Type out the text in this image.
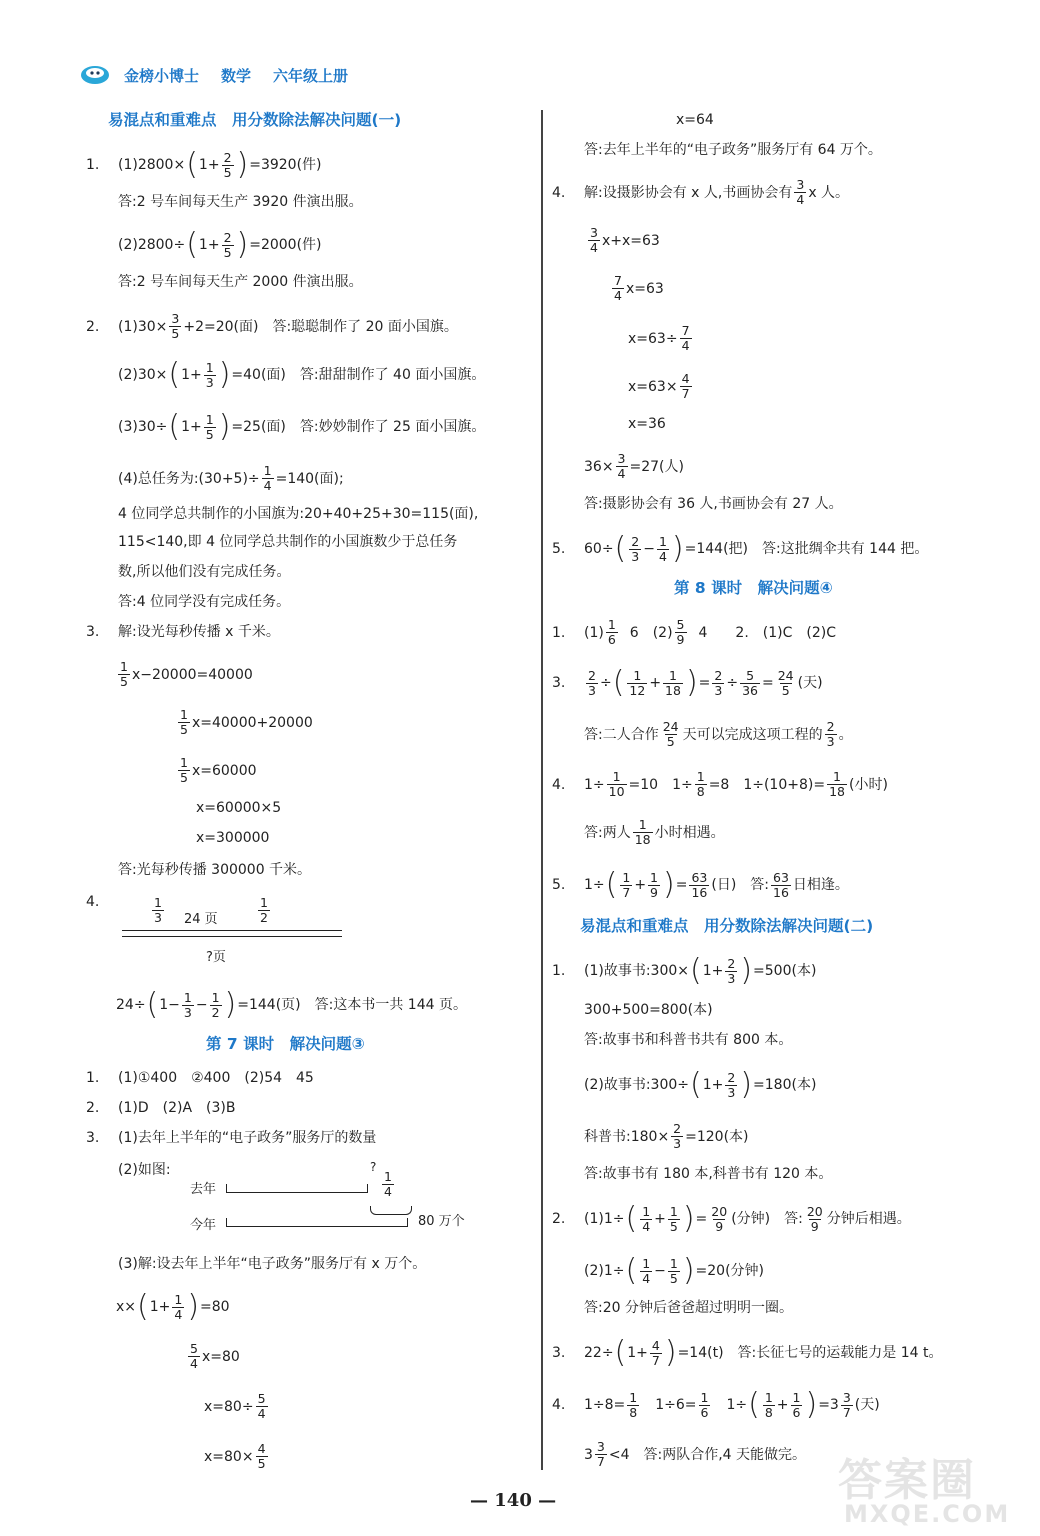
金榜小博士 数学 六年级上册
易混点和重难点　用分数除法解决问题(一)
1.	(1)2800× ( $1+ \frac{2}{5}$ ) =3920(件)
答:2 号车间每天生产 3920 件演出服。
(2)2800÷ ( $1+ \frac{2}{5}$ ) =2000(件)
答:2 号车间每天生产 2000 件演出服。
2.	$(1)30\times \frac{3}{5} +2=20$(面)　答:聪聪制作了 20 面小国旗。
(2)30× ( $1+ \frac{1}{3}$ ) =40(面)　答:甜甜制作了 40 面小国旗。
(3)30÷ ( $1+ \frac{1}{5}$ ) =25(面)　答:妙妙制作了 25 面小国旗。
(4)总任务为:(30+5)÷ $\frac{1}{4} =140$(面);
4 位同学总共制作的小国旗为:20+40+25+30=115(面),
115<140,即 4 位同学总共制作的小国旗数少于总任务
数,所以他们没有完成任务。
答:4 位同学没有完成任务。
3.	解:设光每秒传播 x 千米。
$\frac{1}{5} x-20000=40000$
$\frac{1}{5} x=40000+20000$
$\frac{1}{5} x=60000$
x=60000×5
x=300000
答:光每秒传播 300000 千米。
4.	$\frac{1}{3}$	$\frac{1}{2}$
24 页
?页
24÷ ( $1- \frac{1}{3} - \frac{1}{2}$ ) =144(页)　答:这本书一共 144 页。
第 7 课时　解决问题③
1.	(1)①400　②400　(2)54　45
2.	(1)D　(2)A　(3)B
3.	(1)去年上半年的“电子政务”服务厅的数量
(2)如图:
去年
?
$\frac{1}{4}$
今年	80 万个
(3)解:设去年上半年“电子政务”服务厅有 x 万个。
x× ( $1+ \frac{1}{4}$ ) =80
$\frac{5}{4} x=80$
$x=80\div \frac{5}{4}$
$x=80\times \frac{4}{5}$
x=64
答:去年上半年的“电子政务”服务厅有 64 万个。
4.	解:设摄影协会有 x 人,书画协会有 $\frac{3}{4}$ x 人。
$\frac{3}{4} x+x=63$
$\frac{7}{4} x=63$
$x=63\div \frac{7}{4}$
$x=63\times \frac{4}{7}$
x=36
$36\times \frac{3}{4} =27$(人)
答:摄影协会有 36 人,书画协会有 27 人。
5.	60÷ ( $\frac{2}{3} - \frac{1}{4}$ ) =144(把)　答:这批绸伞共有 144 把。
第 8 课时　解决问题④
1.	$(1) \frac{1}{6} 6$　$(2) \frac{5}{9} 4$　　2.　(1)C　(2)C
3.	$\frac{2}{3}$ ÷ ( $\frac{1}{12} + \frac{1}{18}$ ) = $\frac{2}{3} \div \frac{5}{36} = \frac{24}{5}$ (天)
答:二人合作 $\frac{24}{5}$ 天可以完成这项工程的 $\frac{2}{3}$ 。
4.	$1\div \frac{1}{10} =10$　$1\div \frac{1}{8} =8$　$1\div(10+8)= \frac{1}{18}$ (小时)
答:两人 $\frac{1}{18}$ 小时相遇。
5.	1÷ ( $\frac{1}{7} + \frac{1}{9}$ ) = $\frac{63}{16}$ (日)　答: $\frac{63}{16}$ 日相逢。
易混点和重难点　用分数除法解决问题(二)
1.	(1)故事书:300× ( $1+ \frac{2}{3}$ ) =500(本)
300+500=800(本)
答:故事书和科普书共有 800 本。
(2)故事书:300÷ ( $1+ \frac{2}{3}$ ) =180(本)
科普书:180× $\frac{2}{3} =120$(本)
答:故事书有 180 本,科普书有 120 本。
2.	(1)1÷ ( $\frac{1}{4} + \frac{1}{5}$ ) = $\frac{20}{9}$ (分钟)　答: $\frac{20}{9}$ 分钟后相遇。
(2)1÷ ( $\frac{1}{4} - \frac{1}{5}$ ) =20(分钟)
答:20 分钟后爸爸超过明明一圈。
3.	22÷ ( $1+ \frac{4}{7}$ ) =14(t)　答:长征七号的运载能力是 14 t。
4.	$1\div 8= \frac{1}{8}$ 　$1\div 6= \frac{1}{6}$ 　1÷ ( $\frac{1}{8} + \frac{1}{6}$ ) $=3 \frac{3}{7}$ (天)
$3 \frac{3}{7} <4$　答:两队合作,4 天能做完。
— 140 —	答案圈
MXQE.COM
